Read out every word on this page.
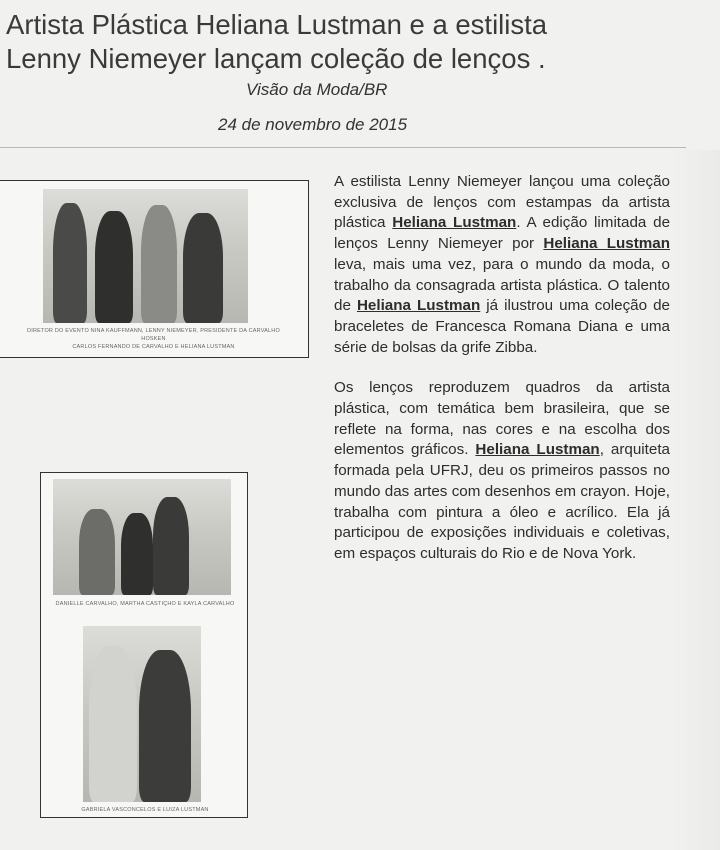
Artista Plástica Heliana Lustman e a estilista
Lenny Niemeyer lançam coleção de lenços .
Visão da Moda/BR
24 de novembro de 2015
DIRETOR DO EVENTO NINA KAUFFMANN, LENNY NIEMEYER, PRESIDENTE DA CARVALHO
HOSKEN
CARLOS FERNANDO DE CARVALHO E HELIANA LUSTMAN
DANIELLE CARVALHO, MARTHA CASTIÇHO E KAYLA CARVALHO
GABRIELA VASCONCELOS E LUIZA LUSTMAN

A estilista Lenny Niemeyer lançou uma coleção exclusiva de lenços com estampas da artista plástica Heliana Lustman. A edição limitada de lenços Lenny Niemeyer por Heliana Lustman leva, mais uma vez, para o mundo da moda, o trabalho da consagrada artista plástica. O talento de Heliana Lustman já ilustrou uma coleção de braceletes de Francesca Romana Diana e uma série de bolsas da grife Zibba.

Os lenços reproduzem quadros da artista plástica, com temática bem brasileira, que se reflete na forma, nas cores e na escolha dos elementos gráficos. Heliana Lustman, arquiteta formada pela UFRJ, deu os primeiros passos no mundo das artes com desenhos em crayon. Hoje, trabalha com pintura a óleo e acrílico. Ela já participou de exposições individuais e coletivas, em espaços culturais do Rio e de Nova York.
